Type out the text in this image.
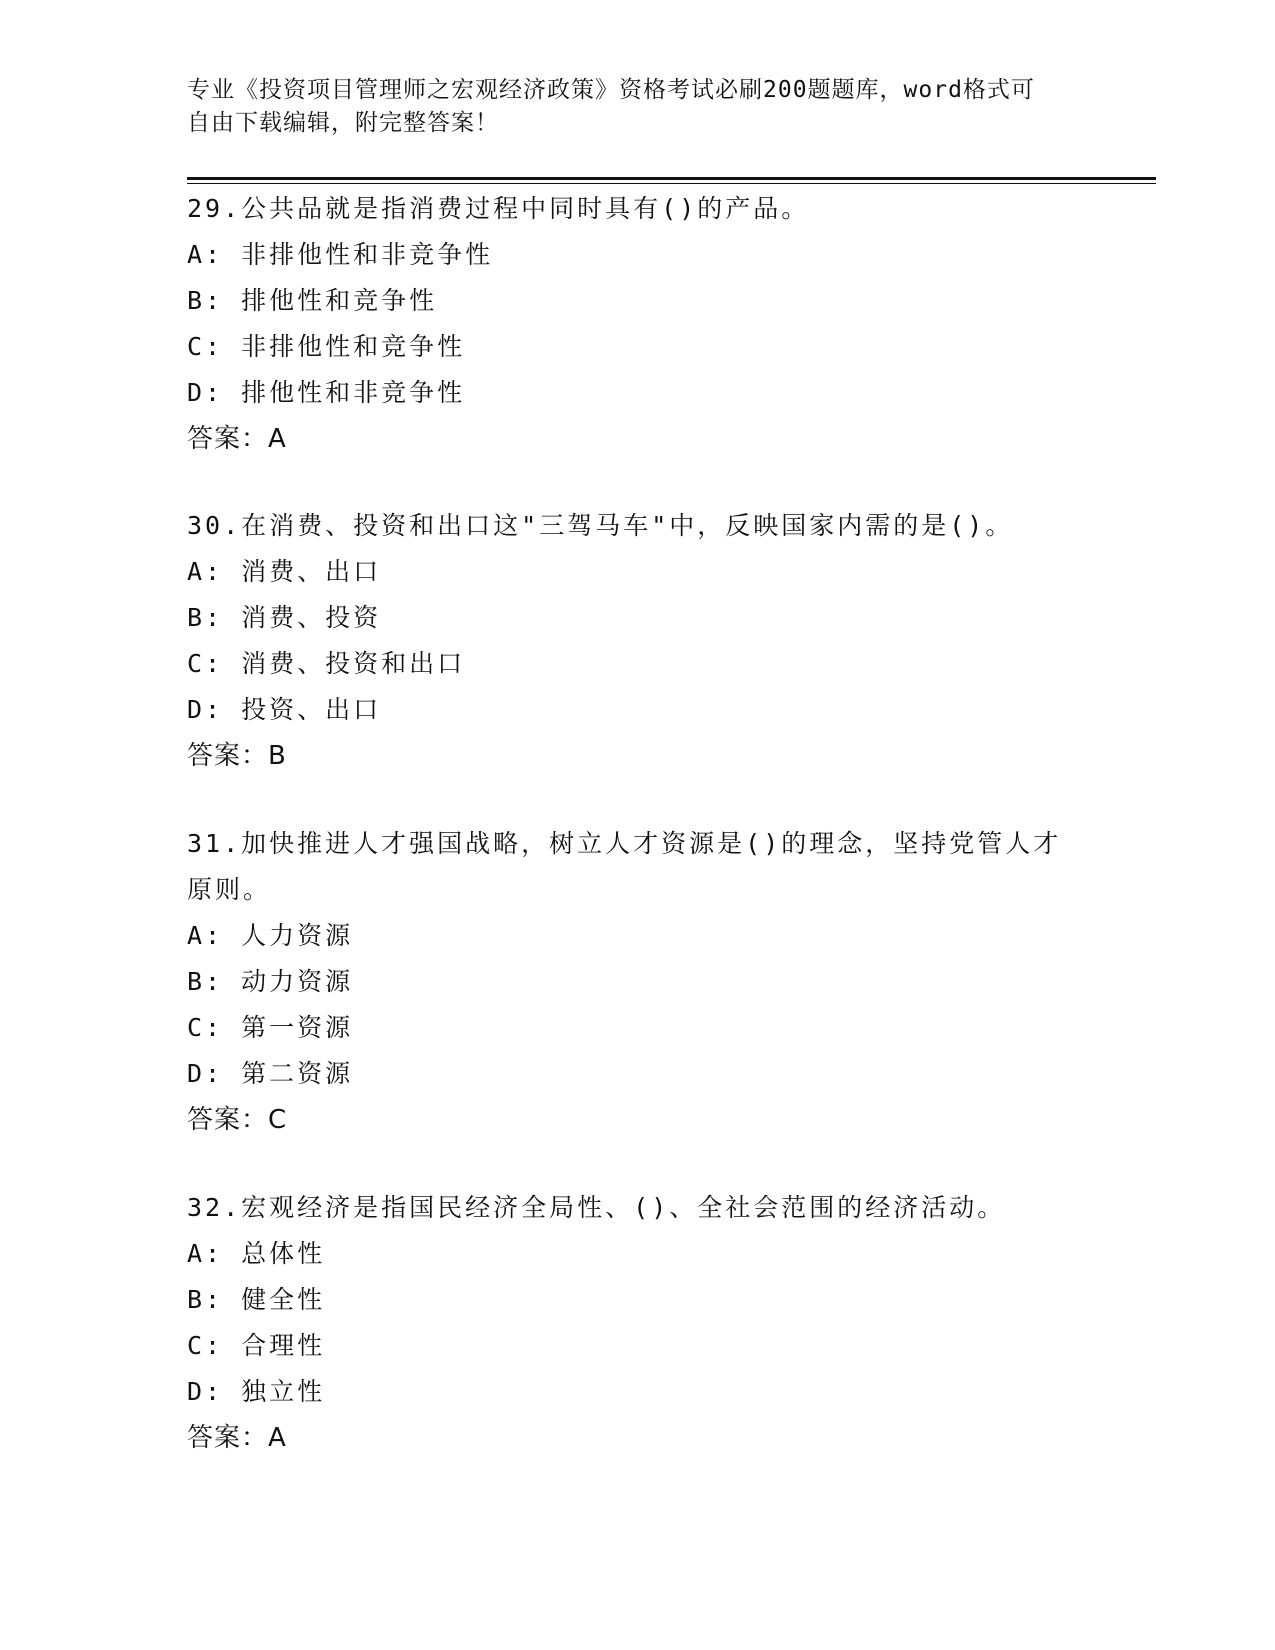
专业《投资项目管理师之宏观经济政策》资格考试必刷200题题库，word格式可
自由下载编辑，附完整答案！
29.公共品就是指消费过程中同时具有()的产品。
A: 非排他性和非竞争性
B: 排他性和竞争性
C: 非排他性和竞争性
D: 排他性和非竞争性
答案：A
30.在消费、投资和出口这"三驾马车"中，反映国家内需的是()。
A: 消费、出口
B: 消费、投资
C: 消费、投资和出口
D: 投资、出口
答案：B
31.加快推进人才强国战略，树立人才资源是()的理念，坚持党管人才
原则。
A: 人力资源
B: 动力资源
C: 第一资源
D: 第二资源
答案：C
32.宏观经济是指国民经济全局性、()、全社会范围的经济活动。
A: 总体性
B: 健全性
C: 合理性
D: 独立性
答案：A
